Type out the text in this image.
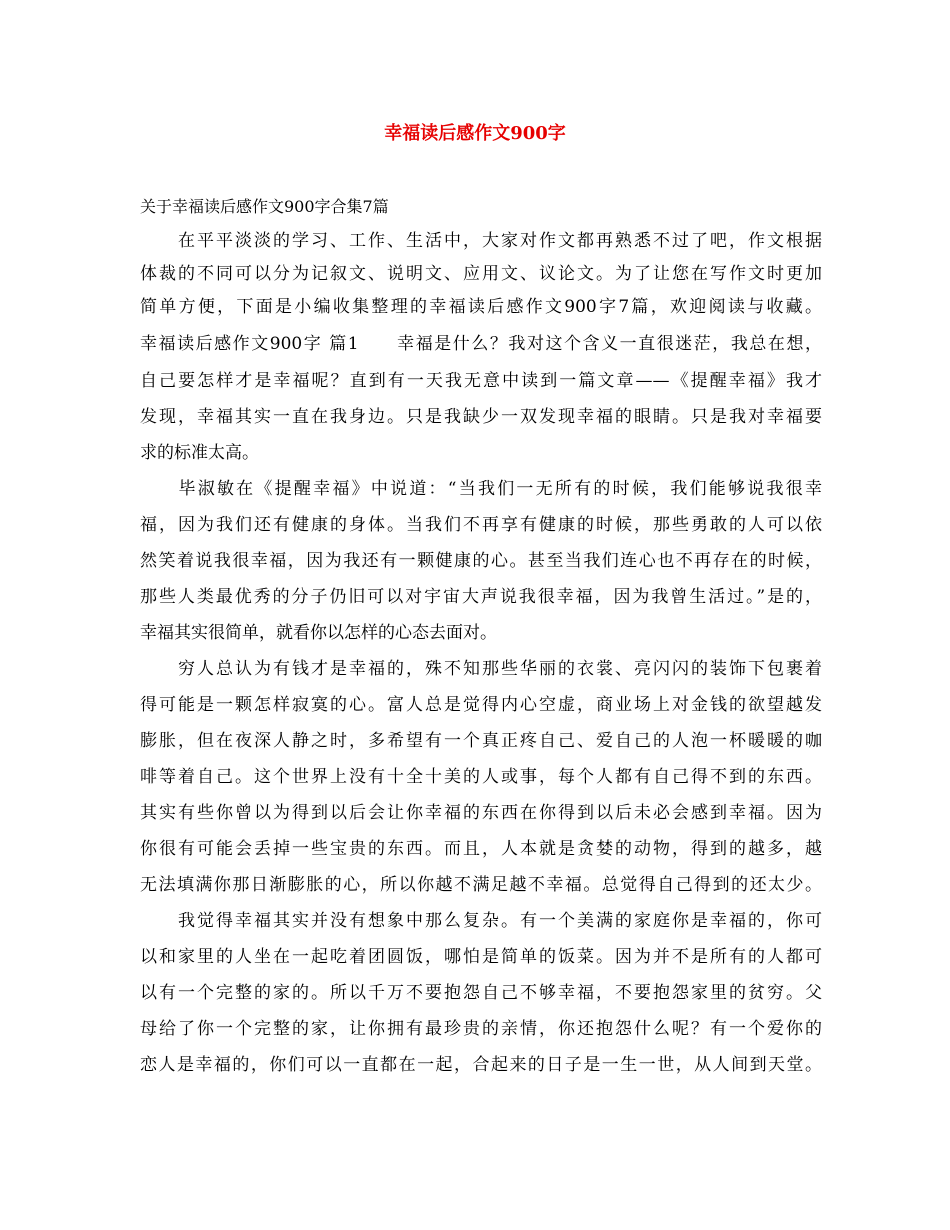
幸福读后感作文900字
关于幸福读后感作文900字合集7篇
　　在平平淡淡的学习、工作、生活中，大家对作文都再熟悉不过了吧，作文根据
体裁的不同可以分为记叙文、说明文、应用文、议论文。为了让您在写作文时更加
简单方便，下面是小编收集整理的幸福读后感作文900字7篇，欢迎阅读与收藏。
幸福读后感作文900字 篇1　　幸福是什么？我对这个含义一直很迷茫，我总在想，
自己要怎样才是幸福呢？直到有一天我无意中读到一篇文章——《提醒幸福》我才
发现，幸福其实一直在我身边。只是我缺少一双发现幸福的眼睛。只是我对幸福要
求的标准太高。
　　毕淑敏在《提醒幸福》中说道：“当我们一无所有的时候，我们能够说我很幸
福，因为我们还有健康的身体。当我们不再享有健康的时候，那些勇敢的人可以依
然笑着说我很幸福，因为我还有一颗健康的心。甚至当我们连心也不再存在的时候，
那些人类最优秀的分子仍旧可以对宇宙大声说我很幸福，因为我曾生活过。”是的，
幸福其实很简单，就看你以怎样的心态去面对。
　　穷人总认为有钱才是幸福的，殊不知那些华丽的衣裳、亮闪闪的装饰下包裹着
得可能是一颗怎样寂寞的心。富人总是觉得内心空虚，商业场上对金钱的欲望越发
膨胀，但在夜深人静之时，多希望有一个真正疼自己、爱自己的人泡一杯暖暖的咖
啡等着自己。这个世界上没有十全十美的人或事，每个人都有自己得不到的东西。
其实有些你曾以为得到以后会让你幸福的东西在你得到以后未必会感到幸福。因为
你很有可能会丢掉一些宝贵的东西。而且，人本就是贪婪的动物，得到的越多，越
无法填满你那日渐膨胀的心，所以你越不满足越不幸福。总觉得自己得到的还太少。
　　我觉得幸福其实并没有想象中那么复杂。有一个美满的家庭你是幸福的，你可
以和家里的人坐在一起吃着团圆饭，哪怕是简单的饭菜。因为并不是所有的人都可
以有一个完整的家的。所以千万不要抱怨自己不够幸福，不要抱怨家里的贫穷。父
母给了你一个完整的家，让你拥有最珍贵的亲情，你还抱怨什么呢？有一个爱你的
恋人是幸福的，你们可以一直都在一起，合起来的日子是一生一世，从人间到天堂。
